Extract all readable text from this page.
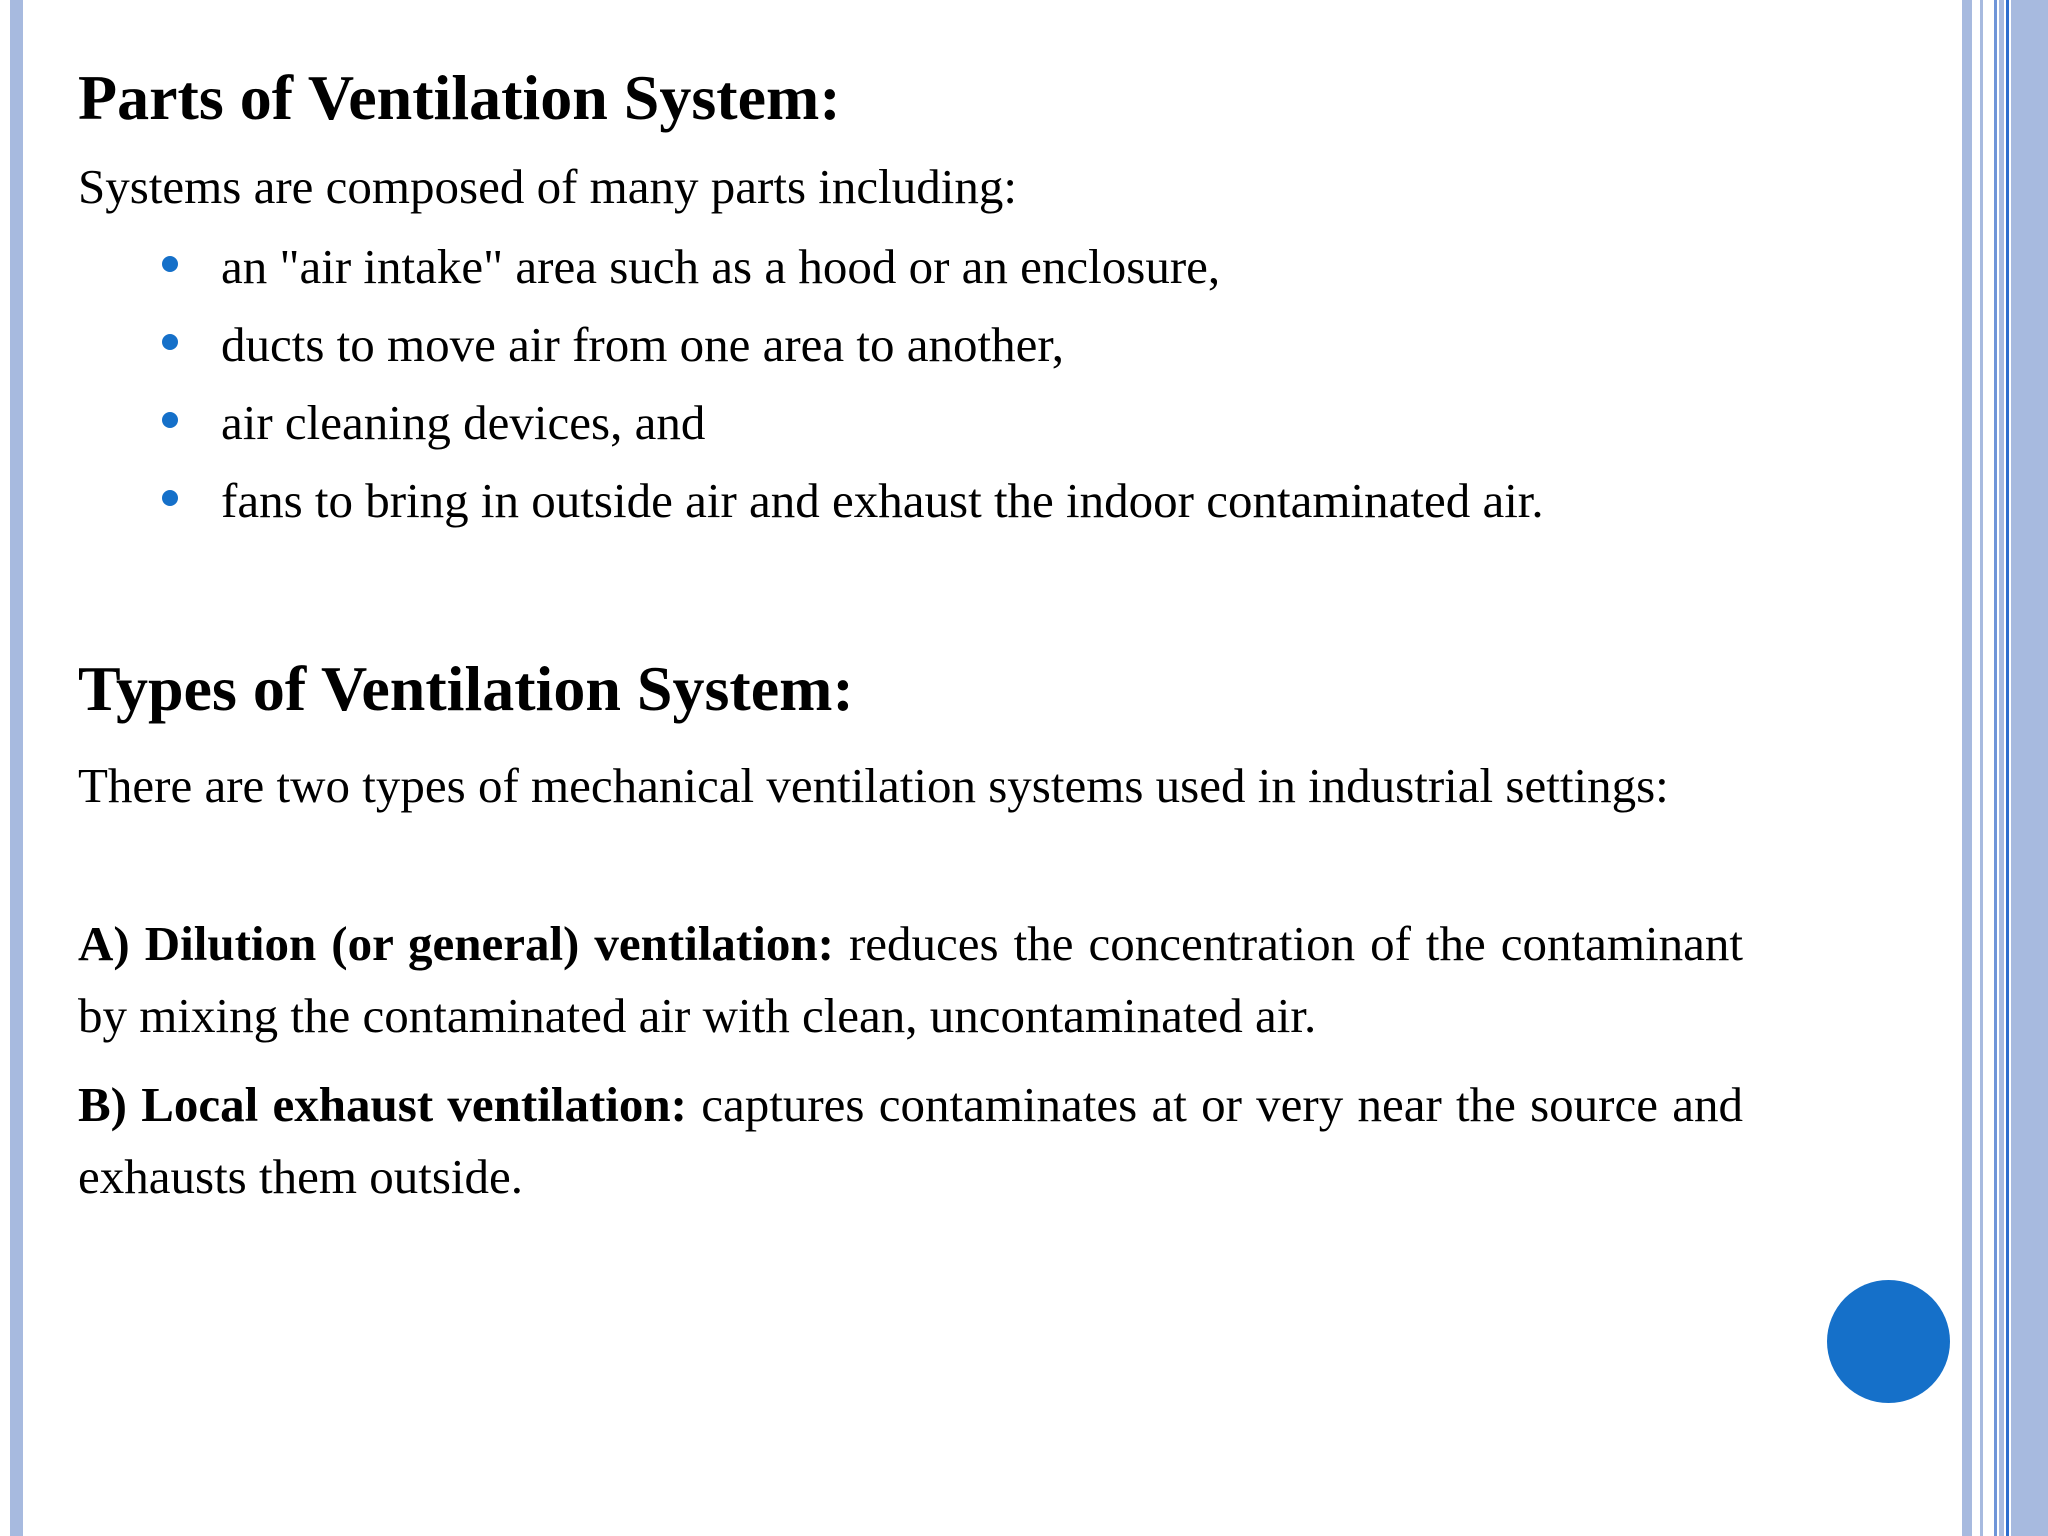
Parts of Ventilation System:
Systems are composed of many parts including:
an "air intake" area such as a hood or an enclosure,
ducts to move air from one area to another,
air cleaning devices, and
fans to bring in outside air and exhaust the indoor contaminated air.
Types of Ventilation System:
There are two types of mechanical ventilation systems used in industrial settings:
A) Dilution (or general) ventilation: reduces the concentration of the contaminant by mixing the contaminated air with clean, uncontaminated air.
B) Local exhaust ventilation: captures contaminates at or very near the source and exhausts them outside.
